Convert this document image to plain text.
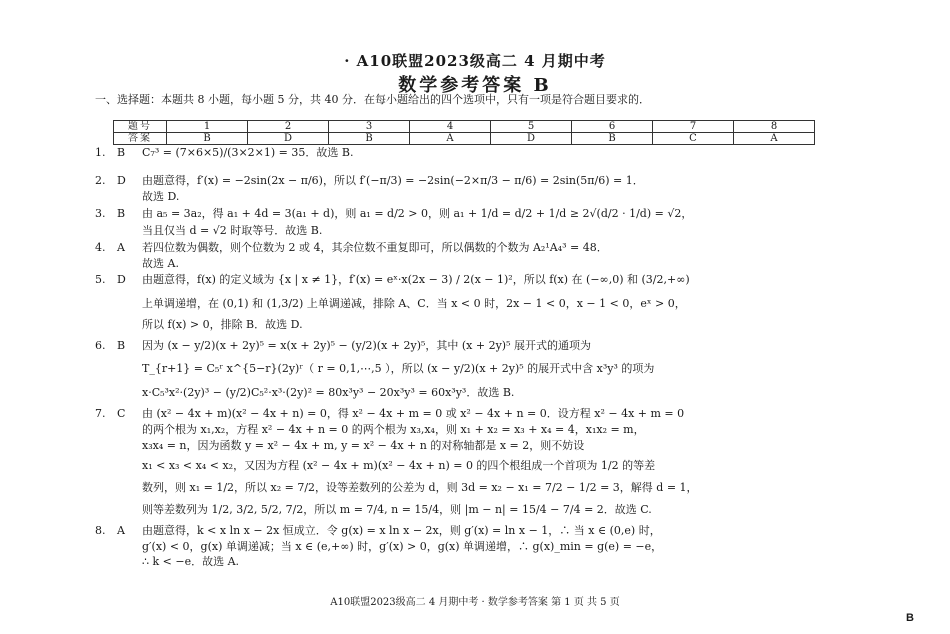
· A10联盟2023级高二 4 月期中考
数学参考答案 B
一、选择题：本题共 8 小题，每小题 5 分，共 40 分．在每小题给出的四个选项中，只有一项是符合题目要求的．
题号	1	2	3	4	5	6	7	8
答案	B	D	B	A	D	B	C	A
1.	B	C₇³ = (7×6×5)/(3×2×1) = 35．故选 B.
2.	D	由题意得，f′(x) = −2sin(2x − π/6)，所以 f′(−π/3) = −2sin(−2×π/3 − π/6) = 2sin(5π/6) = 1．
故选 D.
3.	B	由 a₅ = 3a₂，得 a₁ + 4d = 3(a₁ + d)，则 a₁ = d/2 > 0，则 a₁ + 1/d = d/2 + 1/d ≥ 2√(d/2 · 1/d) = √2，
当且仅当 d = √2 时取等号．故选 B.
4.	A	若四位数为偶数，则个位数为 2 或 4，其余位数不重复即可，所以偶数的个数为 A₂¹A₄³ = 48．
故选 A.
5.	D	由题意得，f(x) 的定义域为 {x | x ≠ 1}，f′(x) = eˣ·x(2x − 3) / 2(x − 1)²，所以 f(x) 在 (−∞,0) 和 (3/2,+∞)
上单调递增，在 (0,1) 和 (1,3/2) 上单调递减，排除 A、C．当 x < 0 时，2x − 1 < 0，x − 1 < 0，eˣ > 0，
所以 f(x) > 0，排除 B．故选 D.
6.	B	因为 (x − y/2)(x + 2y)⁵ = x(x + 2y)⁵ − (y/2)(x + 2y)⁵，其中 (x + 2y)⁵ 展开式的通项为
T_{r+1} = C₅ʳ x^{5−r}(2y)ʳ（ r = 0,1,⋯,5 ），所以 (x − y/2)(x + 2y)⁵ 的展开式中含 x³y³ 的项为
x·C₅³x²·(2y)³ − (y/2)C₅²·x³·(2y)² = 80x³y³ − 20x³y³ = 60x³y³．故选 B.
7.	C	由 (x² − 4x + m)(x² − 4x + n) = 0，得 x² − 4x + m = 0 或 x² − 4x + n = 0．设方程 x² − 4x + m = 0
的两个根为 x₁,x₂，方程 x² − 4x + n = 0 的两个根为 x₃,x₄，则 x₁ + x₂ = x₃ + x₄ = 4，x₁x₂ = m，
x₃x₄ = n，因为函数 y = x² − 4x + m, y = x² − 4x + n 的对称轴都是 x = 2，则不妨设
x₁ < x₃ < x₄ < x₂，又因为方程 (x² − 4x + m)(x² − 4x + n) = 0 的四个根组成一个首项为 1/2 的等差
数列，则 x₁ = 1/2，所以 x₂ = 7/2，设等差数列的公差为 d，则 3d = x₂ − x₁ = 7/2 − 1/2 = 3，解得 d = 1，
则等差数列为 1/2, 3/2, 5/2, 7/2，所以 m = 7/4, n = 15/4，则 |m − n| = 15/4 − 7/4 = 2．故选 C.
8.	A	由题意得，k < x ln x − 2x 恒成立．令 g(x) = x ln x − 2x，则 g′(x) = ln x − 1，∴ 当 x ∈ (0,e) 时，
g′(x) < 0，g(x) 单调递减；当 x ∈ (e,+∞) 时，g′(x) > 0，g(x) 单调递增，∴ g(x)_min = g(e) = −e，
∴ k < −e．故选 A.
A10联盟2023级高二 4 月期中考 · 数学参考答案 第 1 页 共 5 页
B
